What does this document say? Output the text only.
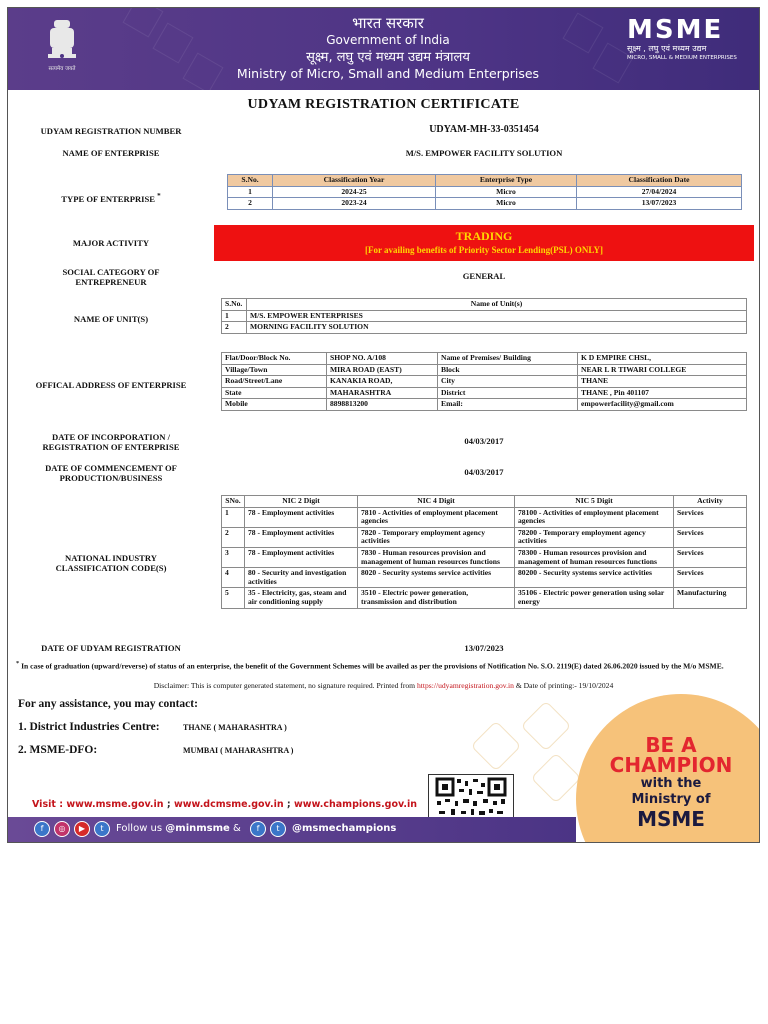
सत्यमेव जयते
भारत सरकार
Government of India
सूक्ष्म, लघु एवं मध्यम उद्यम मंत्रालय
Ministry of Micro, Small and Medium Enterprises
MSME
सूक्ष्म , लघु एवं मध्यम उद्यम
MICRO, SMALL & MEDIUM ENTERPRISES
UDYAM REGISTRATION CERTIFICATE
UDYAM REGISTRATION NUMBER	UDYAM-MH-33-0351454
NAME OF ENTERPRISE	M/S. EMPOWER FACILITY SOLUTION
TYPE OF ENTERPRISE *
S.No.	Classification Year	Enterprise Type	Classification Date
1	2024-25	Micro	27/04/2024
2	2023-24	Micro	13/07/2023
MAJOR ACTIVITY	TRADING
[For availing benefits of Priority Sector Lending(PSL) ONLY]
SOCIAL CATEGORY OF
ENTREPRENEUR
GENERAL
NAME OF UNIT(S)
S.No.	Name of Unit(s)
1	M/S. EMPOWER ENTERPRISES
2	MORNING FACILITY SOLUTION
OFFICAL ADDRESS OF ENTERPRISE
Flat/Door/Block No.	SHOP NO. A/108	Name of Premises/ Building	K D EMPIRE CHSL,
Village/Town	MIRA ROAD (EAST)	Block	NEAR L R TIWARI COLLEGE
Road/Street/Lane	KANAKIA ROAD,	City	THANE
State	MAHARASHTRA	District	THANE , Pin 401107
Mobile	8898813200	Email:	empowerfacility@gmail.com
DATE OF INCORPORATION /
REGISTRATION OF ENTERPRISE
04/03/2017
DATE OF COMMENCEMENT OF
PRODUCTION/BUSINESS
04/03/2017
NATIONAL INDUSTRY
CLASSIFICATION CODE(S)
SNo.	NIC 2 Digit	NIC 4 Digit	NIC 5 Digit	Activity
1	78 - Employment activities	7810 - Activities of employment placement agencies	78100 - Activities of employment placement agencies	Services
2	78 - Employment activities	7820 - Temporary employment agency activities	78200 - Temporary employment agency activities	Services
3	78 - Employment activities	7830 - Human resources provision and management of human resources functions	78300 - Human resources provision and management of human resources functions	Services
4	80 - Security and investigation activities	8020 - Security systems service activities	80200 - Security systems service activities	Services
5	35 - Electricity, gas, steam and air conditioning supply	3510 - Electric power generation, transmission and distribution	35106 - Electric power generation using solar energy	Manufacturing
DATE OF UDYAM REGISTRATION	13/07/2023
* In case of graduation (upward/reverse) of status of an enterprise, the benefit of the Government Schemes will be availed as per the provisions of Notification No. S.O. 2119(E) dated 26.06.2020 issued by the M/o MSME.
Disclaimer: This is computer generated statement, no signature required. Printed from https://udyamregistration.gov.in & Date of printing:- 19/10/2024
For any assistance, you may contact:
1. District Industries Centre:	THANE ( MAHARASHTRA )
2. MSME-DFO:	MUMBAI ( MAHARASHTRA )	BE A
CHAMPION
with the
Ministry of
MSME
Visit : www.msme.gov.in ; www.dcmsme.gov.in ; www.champions.gov.in
f	◎	▶	t	Follow us @minmsme &	f	t	@msmechampions
